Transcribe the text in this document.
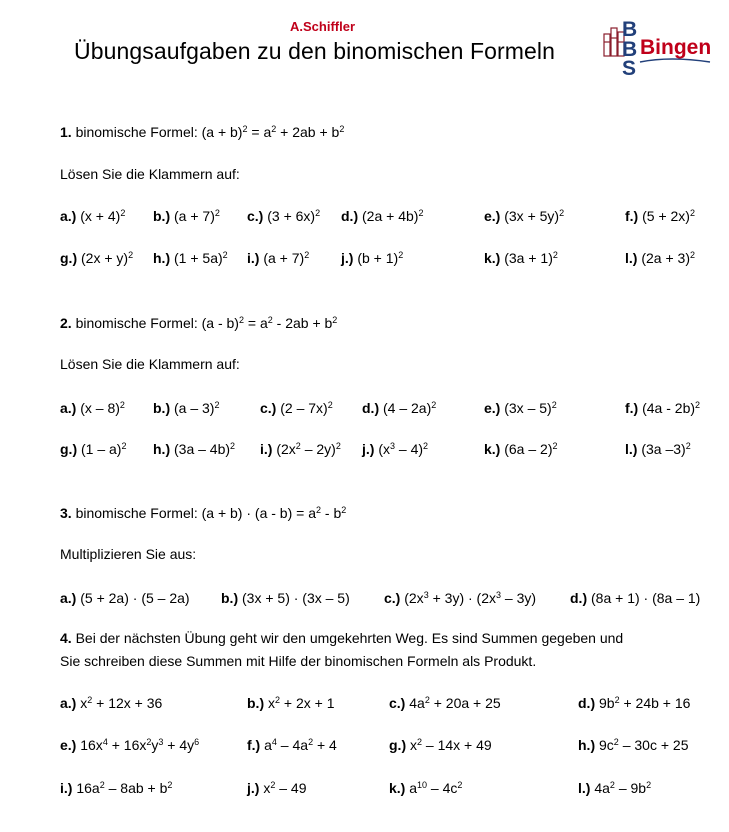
A.Schiffler
Übungsaufgaben zu den binomischen Formeln
B
B
S
Bingen
1. binomische Formel: $(a + b)^2 = a^2 + 2ab + b^2$
Lösen Sie die Klammern auf:
a.) $(x + 4)^2$ b.) $(a + 7)^2$ c.) $(3 + 6x)^2$ d.) $(2a + 4b)^2$	e.) $(3x + 5y)^2$	f.) $(5 + 2x)^2$
g.) $(2x + y)^2$ h.) $(1 + 5a)^2$ i.) $(a + 7)^2$ j.) $(b + 1)^2$	k.) $(3a + 1)^2$	l.) $(2a + 3)^2$
2. binomische Formel: $(a - b)^2 = a^2 - 2ab + b^2$
Lösen Sie die Klammern auf:
a.) (x – 8)$^2$ b.) (a – 3)$^2$	c.) (2 – 7x)$^2$ d.) (4 – 2a)$^2$	e.) (3x – 5)$^2$	f.) (4a - 2b)$^2$
g.) (1 – a)$^2$ h.) (3a – 4b)$^2$ i.) $(2x^2 - 2y)^2$ j.) $(x^3 - 4)^2$	k.) (6a – 2)$^2$	l.) (3a –3)$^2$
3. binomische Formel: $(a + b) \cdot (a - b) = a^2 - b^2$
Multiplizieren Sie aus:
a.) (5 + 2a) · (5 – 2a) b.) (3x + 5) · (3x – 5) c.) $(2x^3 + 3y) \cdot (2x^3 - 3y)$ d.) (8a + 1) · (8a – 1)
4. Bei der nächsten Übung geht wir den umgekehrten Weg. Es sind Summen gegeben und
Sie schreiben diese Summen mit Hilfe der binomischen Formeln als Produkt.
a.) $x^2 + 12x + 36$	b.) $x^2 + 2x + 1$	c.) $4a^2 + 20a + 25$	d.) $9b^2 + 24b + 16$
e.) $16x^4 + 16x^2y^3 + 4y^6$	f.) $a^4 - 4a^2 + 4$	g.) $x^2 - 14x + 49$	h.) $9c^2 - 30c + 25$
i.) $16a^2 - 8ab + b^2$	j.) $x^2 - 49$	k.) $a^{10} - 4c^2$	l.) $4a^2 - 9b^2$
